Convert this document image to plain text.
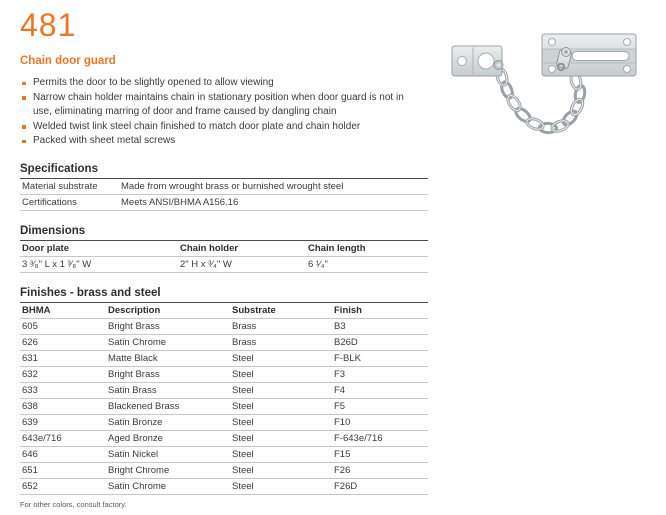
481
Chain door guard
Permits the door to be slightly opened to allow viewing
Narrow chain holder maintains chain in stationary position when door guard is not in use, eliminating marring of door and frame caused by dangling chain
Welded twist link steel chain finished to match door plate and chain holder
Packed with sheet metal screws
Specifications
Material substrate	Made from wrought brass or burnished wrought steel
Certifications	Meets ANSI/BHMA A156.16
Dimensions
Door plate	Chain holder	Chain length
3 ³⁄₈" L x 1 ³⁄₈" W	2" H x ³⁄₄" W	6 ¹⁄₄"
Finishes - brass and steel
BHMA	Description	Substrate	Finish
605	Bright Brass	Brass	B3
626	Satin Chrome	Brass	B26D
631	Matte Black	Steel	F-BLK
632	Bright Brass	Steel	F3
633	Satin Brass	Steel	F4
638	Blackened Brass	Steel	F5
639	Satin Bronze	Steel	F10
643e/716	Aged Bronze	Steel	F-643e/716
646	Satin Nickel	Steel	F15
651	Bright Chrome	Steel	F26
652	Satin Chrome	Steel	F26D
For other colors, consult factory.
